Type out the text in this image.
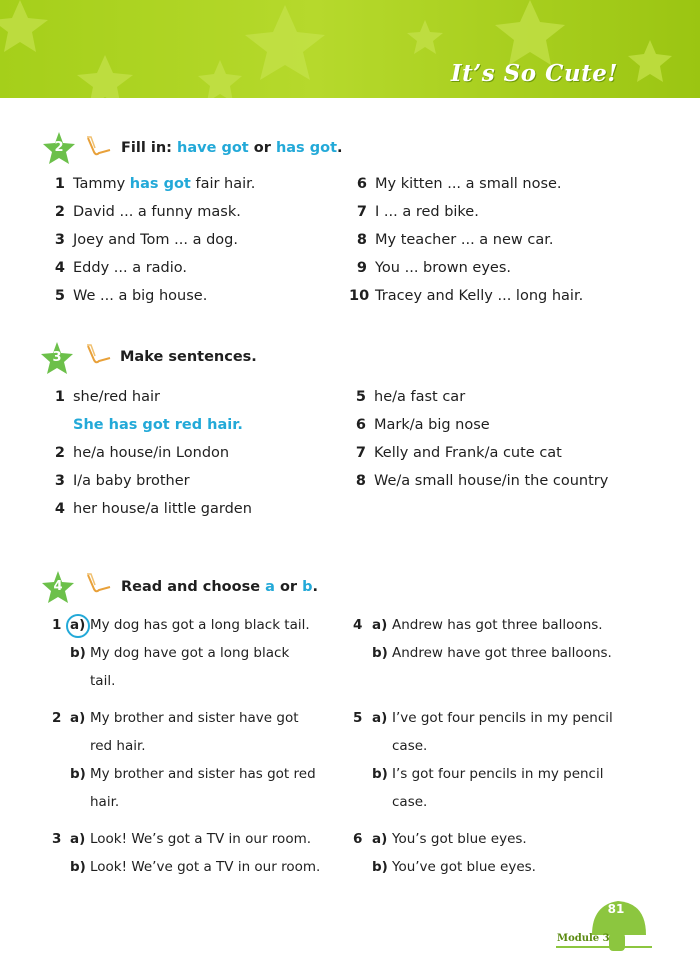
It’s So Cute!
2	Fill in: have got or has got.
1 Tammy has got fair hair.
2 David ... a funny mask.
3 Joey and Tom ... a dog.
4 Eddy ... a radio.
5 We ... a big house.
6 My kitten ... a small nose.
7 I ... a red bike.
8 My teacher ... a new car.
9 You ... brown eyes.
10 Tracey and Kelly ... long hair.
3	Make sentences.
1 she/red hair
She has got red hair.
2 he/a house/in London
3 I/a baby brother
4 her house/a little garden
5 he/a fast car
6 Mark/a big nose
7 Kelly and Frank/a cute cat
8 We/a small house/in the country
4	Read and choose a or b.
1 a) My dog has got a long black tail.
b) My dog have got a long black
tail.
2 a) My brother and sister have got
red hair.
b) My brother and sister has got red
hair.
3 a) Look! We’s got a TV in our room.
b) Look! We’ve got a TV in our room.
4 a) Andrew has got three balloons.
b) Andrew have got three balloons.
5 a) I’ve got four pencils in my pencil
case.
b) I’s got four pencils in my pencil
case.
6 a) You’s got blue eyes.
b) You’ve got blue eyes.
81
Module 3
